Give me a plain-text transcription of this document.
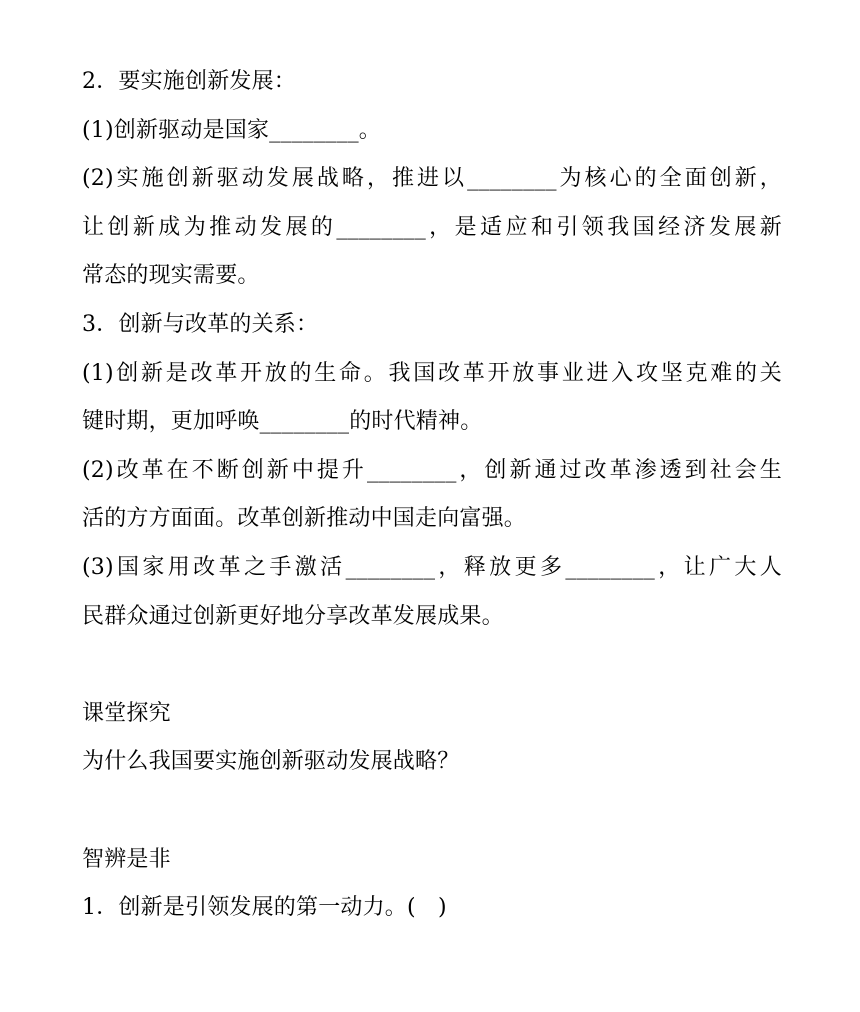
2．要实施创新发展：
(1)创新驱动是国家________。
(2)实施创新驱动发展战略，推进以________为核心的全面创新，
让创新成为推动发展的________，是适应和引领我国经济发展新
常态的现实需要。
3．创新与改革的关系：
(1)创新是改革开放的生命。我国改革开放事业进入攻坚克难的关
键时期，更加呼唤________的时代精神。
(2)改革在不断创新中提升________，创新通过改革渗透到社会生
活的方方面面。改革创新推动中国走向富强。
(3)国家用改革之手激活________，释放更多________，让广大人
民群众通过创新更好地分享改革发展成果。
课堂探究
为什么我国要实施创新驱动发展战略？
智辨是非
1．创新是引领发展的第一动力。(　)
